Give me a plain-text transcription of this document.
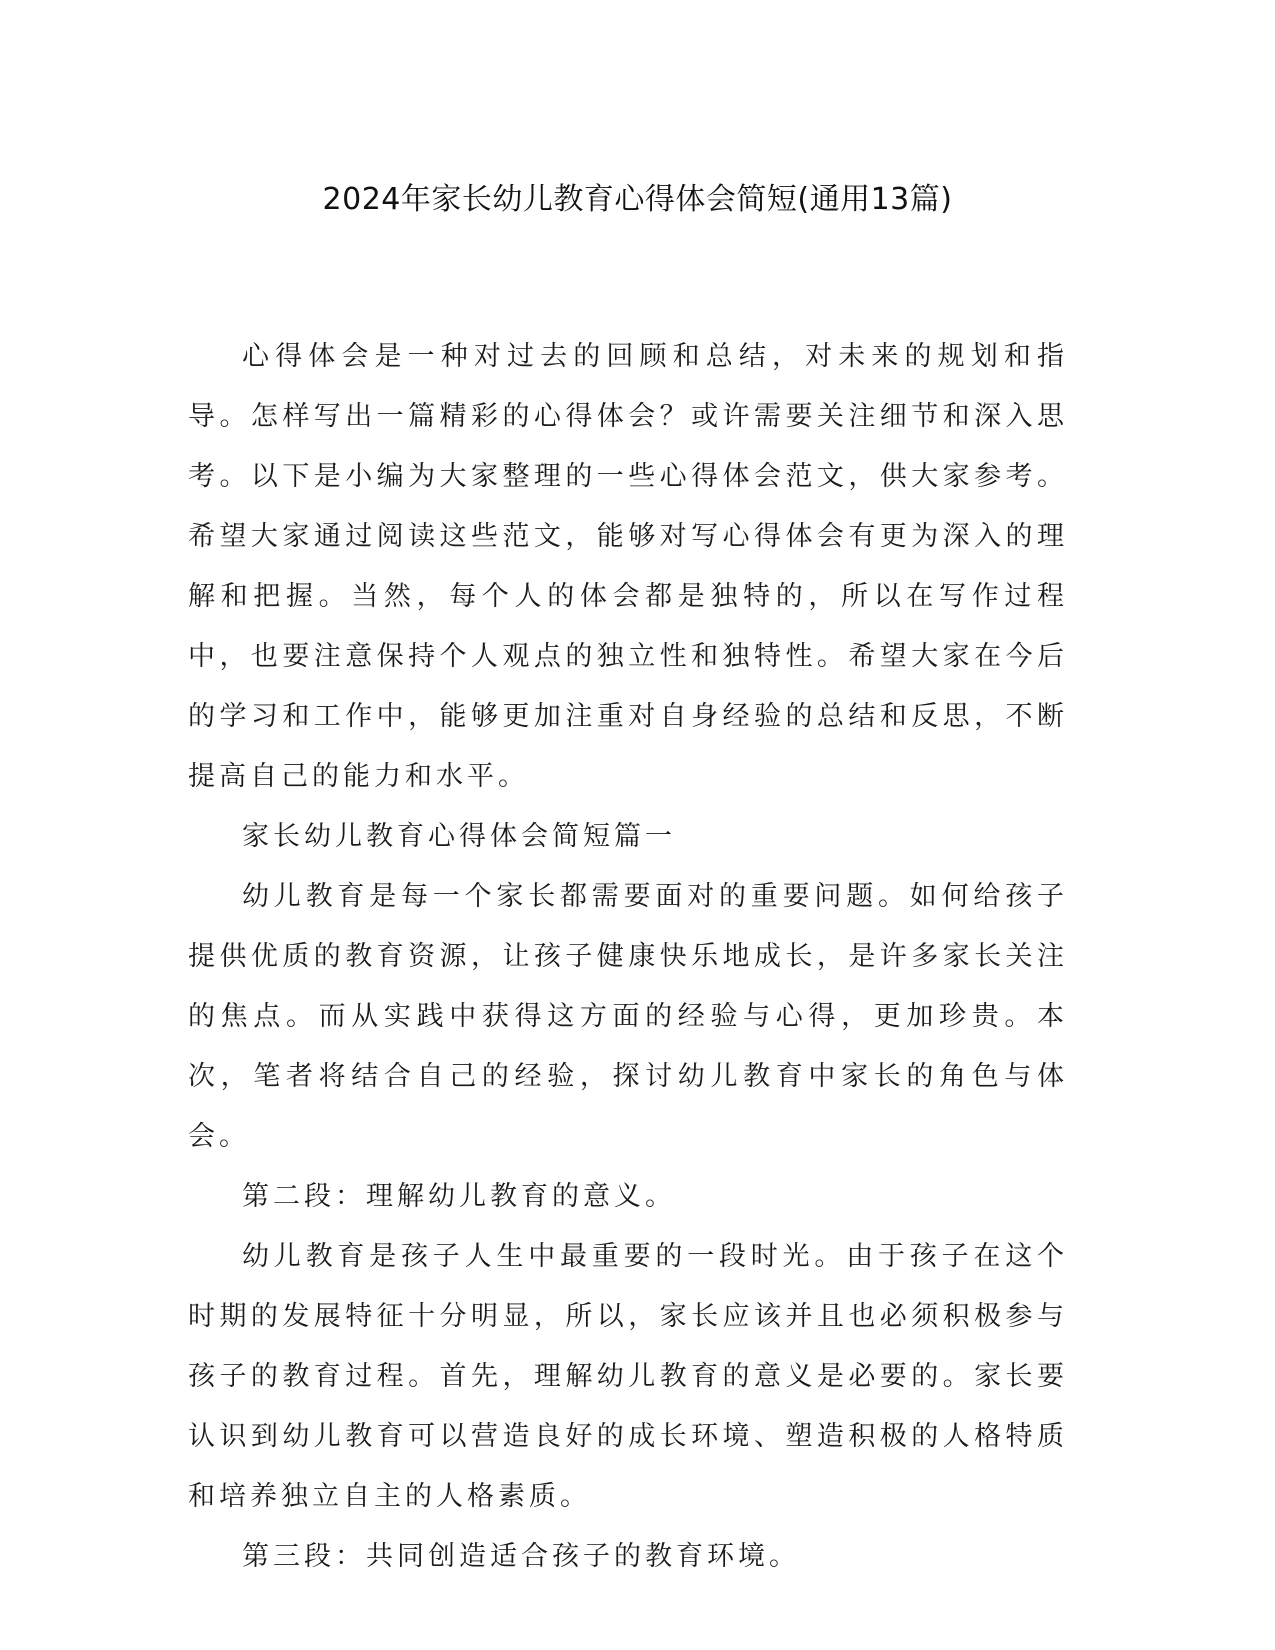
2024年家长幼儿教育心得体会简短(通用13篇)

心得体会是一种对过去的回顾和总结，对未来的规划和指导。怎样写出一篇精彩的心得体会？或许需要关注细节和深入思考。以下是小编为大家整理的一些心得体会范文，供大家参考。希望大家通过阅读这些范文，能够对写心得体会有更为深入的理解和把握。当然，每个人的体会都是独特的，所以在写作过程中，也要注意保持个人观点的独立性和独特性。希望大家在今后的学习和工作中，能够更加注重对自身经验的总结和反思，不断提高自己的能力和水平。

家长幼儿教育心得体会简短篇一

幼儿教育是每一个家长都需要面对的重要问题。如何给孩子提供优质的教育资源，让孩子健康快乐地成长，是许多家长关注的焦点。而从实践中获得这方面的经验与心得，更加珍贵。本次，笔者将结合自己的经验，探讨幼儿教育中家长的角色与体会。

第二段：理解幼儿教育的意义。

幼儿教育是孩子人生中最重要的一段时光。由于孩子在这个时期的发展特征十分明显，所以，家长应该并且也必须积极参与孩子的教育过程。首先，理解幼儿教育的意义是必要的。家长要认识到幼儿教育可以营造良好的成长环境、塑造积极的人格特质和培养独立自主的人格素质。

第三段：共同创造适合孩子的教育环境。
